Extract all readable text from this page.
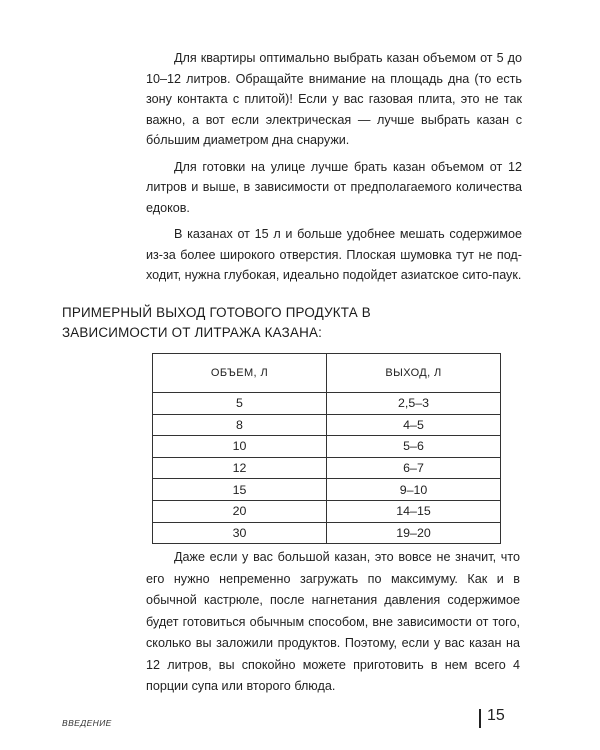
Для квартиры оптимально выбрать казан объемом от 5 до 10–12 литров. Обращайте внимание на площадь дна (то есть зону контакта с плитой)! Если у вас газовая плита, это не так важно, а вот если электрическая — лучше выбрать казан с бо́льшим диаметром дна снаружи.

Для готовки на улице лучше брать казан объемом от 12 литров и выше, в зависимости от предполагаемого количества едоков.

В казанах от 15 л и больше удобнее мешать содержимое из-за более широкого отверстия. Плоская шумовка тут не подходит, нужна глубокая, идеально подойдет азиатское сито-паук.

ПРИМЕРНЫЙ ВЫХОД ГОТОВОГО ПРОДУКТА В ЗАВИСИМОСТИ ОТ ЛИТРАЖА КАЗАНА:

ОБЪЕМ, Л	ВЫХОД, Л
5	2,5–3
8	4–5
10	5–6
12	6–7
15	9–10
20	14–15
30	19–20

Даже если у вас большой казан, это вовсе не значит, что его нужно непременно загружать по максимуму. Как и в обычной кастрюле, после нагнетания давления содержимое будет готовиться обычным способом, вне зависимости от того, сколько вы заложили продуктов. Поэтому, если у вас казан на 12 литров, вы спокойно можете приготовить в нем всего 4 порции супа или второго блюда.

ВВЕДЕНИЕ	15
